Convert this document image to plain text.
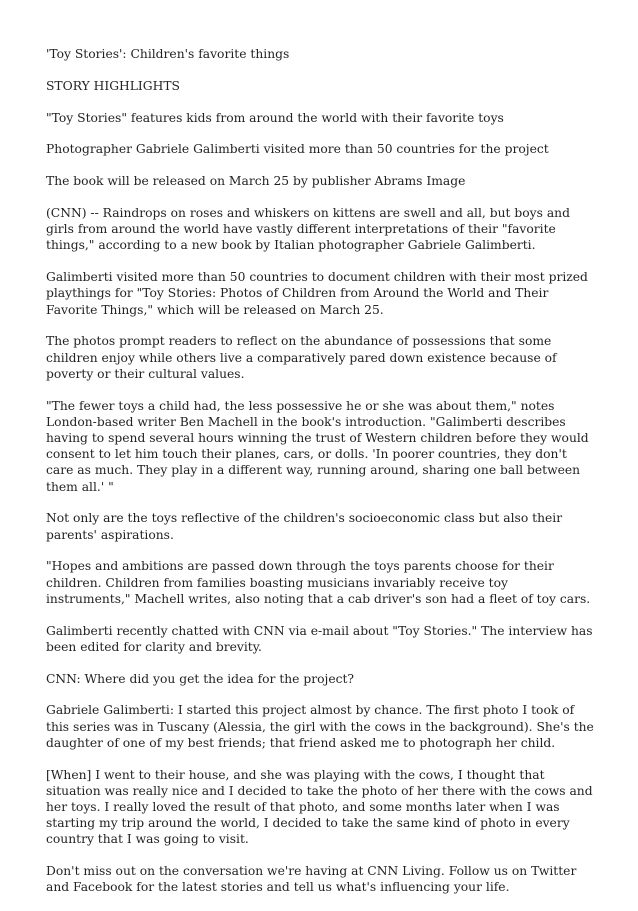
'Toy Stories': Children's favorite things

STORY HIGHLIGHTS

"Toy Stories" features kids from around the world with their favorite toys

Photographer Gabriele Galimberti visited more than 50 countries for the project

The book will be released on March 25 by publisher Abrams Image

(CNN) -- Raindrops on roses and whiskers on kittens are swell and all, but boys and girls from around the world have vastly different interpretations of their "favorite things," according to a new book by Italian photographer Gabriele Galimberti.

Galimberti visited more than 50 countries to document children with their most prized playthings for "Toy Stories: Photos of Children from Around the World and Their Favorite Things," which will be released on March 25.

The photos prompt readers to reflect on the abundance of possessions that some children enjoy while others live a comparatively pared down existence because of poverty or their cultural values.

"The fewer toys a child had, the less possessive he or she was about them," notes London-based writer Ben Machell in the book's introduction. "Galimberti describes having to spend several hours winning the trust of Western children before they would consent to let him touch their planes, cars, or dolls. 'In poorer countries, they don't care as much. They play in a different way, running around, sharing one ball between them all.' "

Not only are the toys reflective of the children's socioeconomic class but also their parents' aspirations.

"Hopes and ambitions are passed down through the toys parents choose for their children. Children from families boasting musicians invariably receive toy instruments," Machell writes, also noting that a cab driver's son had a fleet of toy cars.

Galimberti recently chatted with CNN via e-mail about "Toy Stories." The interview has been edited for clarity and brevity.

CNN: Where did you get the idea for the project?

Gabriele Galimberti: I started this project almost by chance. The first photo I took of this series was in Tuscany (Alessia, the girl with the cows in the background). She's the daughter of one of my best friends; that friend asked me to photograph her child.

[When] I went to their house, and she was playing with the cows, I thought that situation was really nice and I decided to take the photo of her there with the cows and her toys. I really loved the result of that photo, and some months later when I was starting my trip around the world, I decided to take the same kind of photo in every country that I was going to visit.

Don't miss out on the conversation we're having at CNN Living. Follow us on Twitter and Facebook for the latest stories and tell us what's influencing your life.
